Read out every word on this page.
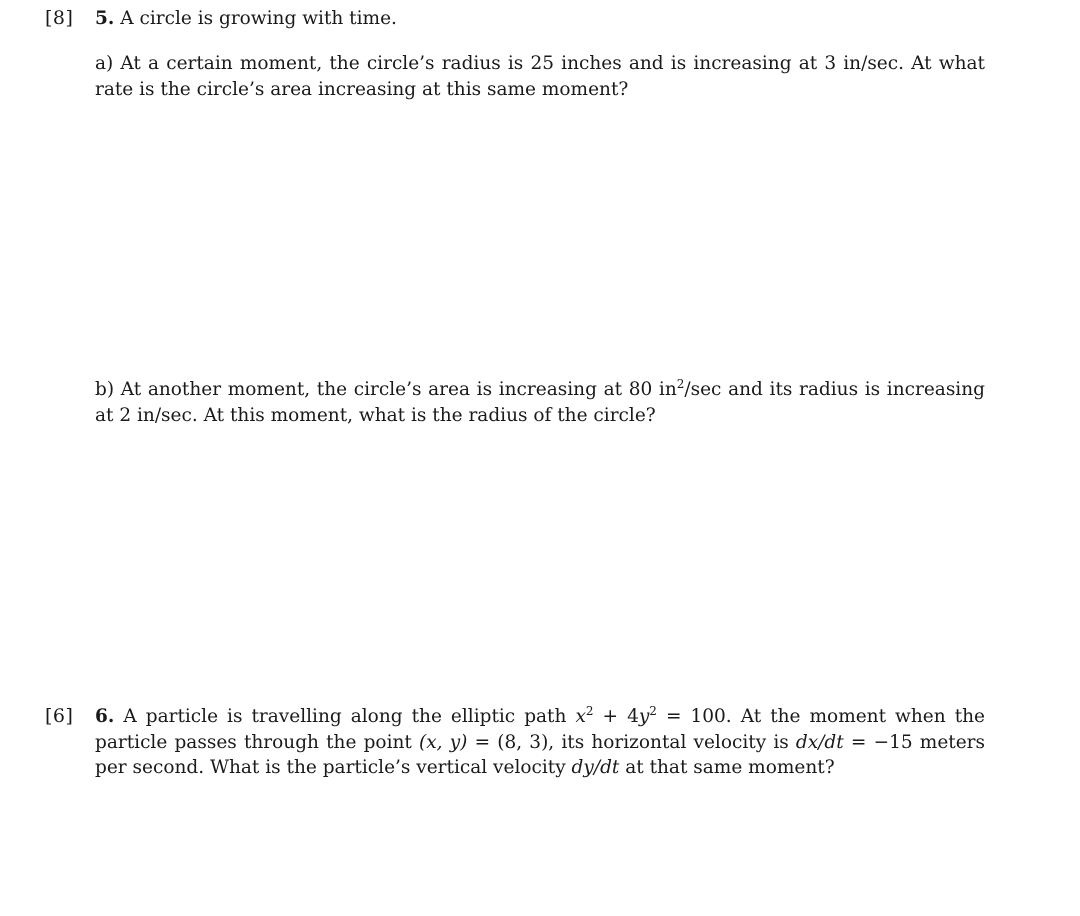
[8] 5. A circle is growing with time.
a) At a certain moment, the circle’s radius is 25 inches and is increasing at 3 in/sec. At what rate is the circle’s area increasing at this same moment?
b) At another moment, the circle’s area is increasing at 80 $in^2/\sec$ and its radius is increasing at 2 in/sec. At this moment, what is the radius of the circle?
[6] 6. A particle is travelling along the elliptic path $x^2 + 4y^2 = 100$. At the moment when the particle passes through the point (x, y) = (8, 3), its horizontal velocity is dx/dt = −15 meters per second. What is the particle’s vertical velocity dy/dt at that same moment?
